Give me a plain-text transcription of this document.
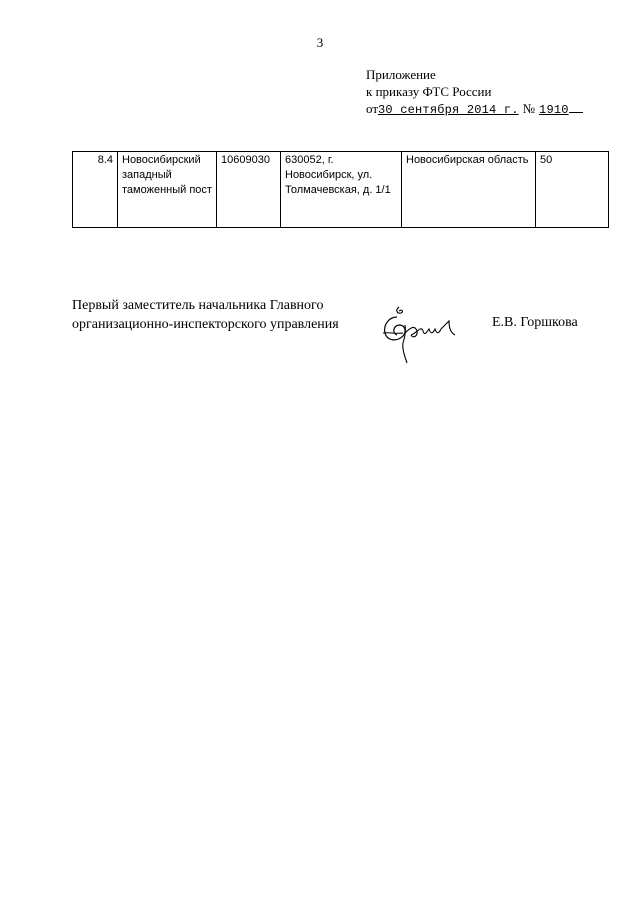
3
Приложение
к приказу ФТС России
от30 сентября 2014 г. № 1910
8.4	Новосибирский западный таможенный пост	10609030	630052, г. Новосибирск, ул. Толмачевская, д. 1/1	Новосибирская область	50
Первый заместитель начальника Главного
организационно-инспекторского управления	Е.В. Горшкова
